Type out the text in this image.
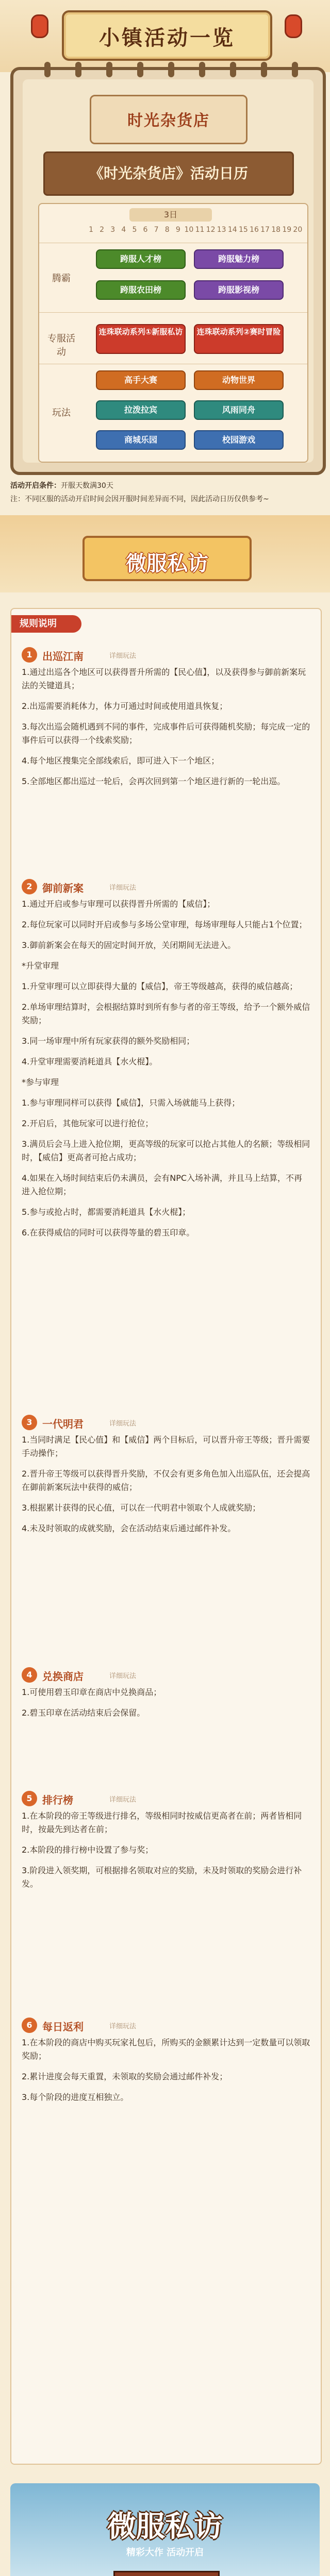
小镇活动一览
时光杂货店
《时光杂货店》活动日历
3日
1 2 3 4 5 6 7 8 9 10 11 12 13 14 15 16 17 18 19 20
腾霸
跨服人才榜	跨服魅力榜
跨服农田榜	跨服影视榜
专服活动
连珠联动系列①新服私访	连珠联动系列②赛时冒险
玩法
高手大赛	动物世界
拉泼拉宾	风雨同舟
商城乐园	校园游戏
活动开启条件：开服天数满30天
注：不同区服的活动开启时间会因开服时间差异而不同，因此活动日历仅供参考~
微服私访
规则说明
1 出巡江南	详细玩法

1.通过出巡各个地区可以获得晋升所需的【民心值】，以及获得参与御前新案玩法的关键道具；

2.出巡需要消耗体力，体力可通过时间或使用道具恢复；

3.每次出巡会随机遇到不同的事件，完成事件后可获得随机奖励；每完成一定的事件后可以获得一个线索奖励；

4.每个地区搜集完全部线索后，即可进入下一个地区；

5.全部地区都出巡过一轮后，会再次回到第一个地区进行新的一轮出巡。

2 御前新案	详细玩法

1.通过开启或参与审理可以获得晋升所需的【威信】；

2.每位玩家可以同时开启或参与多场公堂审理，每场审理每人只能占1个位置；

3.御前新案会在每天的固定时间开放，关闭期间无法进入。

*升堂审理

1.升堂审理可以立即获得大量的【威信】，帝王等级越高，获得的威信越高；

2.单场审理结算时，会根据结算时到所有参与者的帝王等级，给予一个额外威信奖励；

3.同一场审理中所有玩家获得的额外奖励相同；

4.升堂审理需要消耗道具【水火棍】。

*参与审理

1.参与审理同样可以获得【威信】，只需入场就能马上获得；

2.开启后，其他玩家可以进行抢位；

3.满员后会马上进入抢位期，更高等级的玩家可以抢占其他人的名额；等级相同时，【威信】更高者可抢占成功；

4.如果在入场时间结束后仍未满员，会有NPC入场补满，并且马上结算，不再进入抢位期；

5.参与或抢占时，都需要消耗道具【水火棍】；

6.在获得威信的同时可以获得等量的碧玉印章。

3 一代明君	详细玩法

1.当同时满足【民心值】和【威信】两个目标后，可以晋升帝王等级；晋升需要手动操作；

2.晋升帝王等级可以获得晋升奖励，不仅会有更多角色加入出巡队伍，还会提高在御前新案玩法中获得的威信；

3.根据累计获得的民心值，可以在一代明君中领取个人成就奖励；

4.未及时领取的成就奖励，会在活动结束后通过邮件补发。

4 兑换商店	详细玩法

1.可使用碧玉印章在商店中兑换商品；

2.碧玉印章在活动结束后会保留。

5 排行榜	详细玩法

1.在本阶段的帝王等级进行排名，等级相同时按威信更高者在前；两者皆相同时，按最先到达者在前；

2.本阶段的排行榜中设置了参与奖；

3.阶段进入领奖期，可根据排名领取对应的奖励，未及时领取的奖励会进行补发。

6 每日返利	详细玩法

1.在本阶段的商店中购买玩家礼包后，所购买的金额累计达到一定数量可以领取奖励；

2.累计进度会每天重置，未领取的奖励会通过邮件补发；

3.每个阶段的进度互相独立。

微服私访
精彩大作 活动开启
